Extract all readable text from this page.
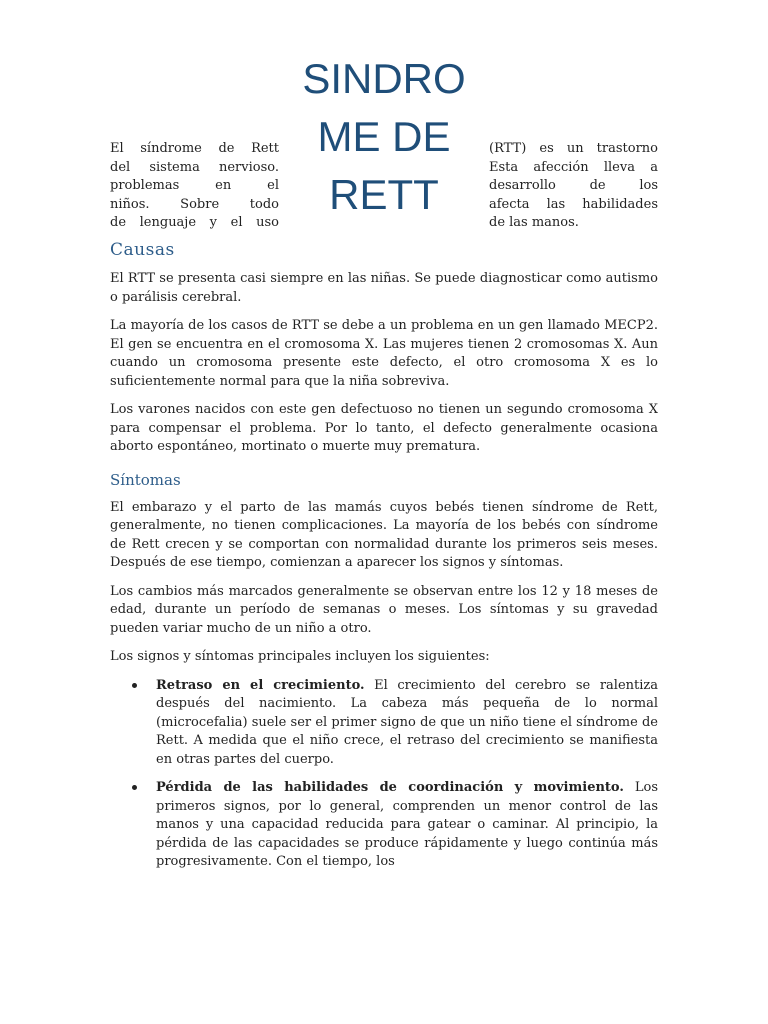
El síndrome de Rett
del sistema nervioso.
problemas en el
niños. Sobre todo
de lenguaje y el uso
SINDRO
ME DE
RETT
(RTT) es un trastorno
Esta afección lleva a
desarrollo de los
afecta las habilidades
de las manos.
Causas

El RTT se presenta casi siempre en las niñas. Se puede diagnosticar como autismo o parálisis cerebral.

La mayoría de los casos de RTT se debe a un problema en un gen llamado MECP2. El gen se encuentra en el cromosoma X. Las mujeres tienen 2 cromosomas X. Aun cuando un cromosoma presente este defecto, el otro cromosoma X es lo suficientemente normal para que la niña sobreviva.

Los varones nacidos con este gen defectuoso no tienen un segundo cromosoma X para compensar el problema. Por lo tanto, el defecto generalmente ocasiona aborto espontáneo, mortinato o muerte muy prematura.

Síntomas

El embarazo y el parto de las mamás cuyos bebés tienen síndrome de Rett, generalmente, no tienen complicaciones. La mayoría de los bebés con síndrome de Rett crecen y se comportan con normalidad durante los primeros seis meses. Después de ese tiempo, comienzan a aparecer los signos y síntomas.

Los cambios más marcados generalmente se observan entre los 12 y 18 meses de edad, durante un período de semanas o meses. Los síntomas y su gravedad pueden variar mucho de un niño a otro.

Los signos y síntomas principales incluyen los siguientes:

Retraso en el crecimiento. El crecimiento del cerebro se ralentiza después del nacimiento. La cabeza más pequeña de lo normal (microcefalia) suele ser el primer signo de que un niño tiene el síndrome de Rett. A medida que el niño crece, el retraso del crecimiento se manifiesta en otras partes del cuerpo.
Pérdida de las habilidades de coordinación y movimiento. Los primeros signos, por lo general, comprenden un menor control de las manos y una capacidad reducida para gatear o caminar. Al principio, la pérdida de las capacidades se produce rápidamente y luego continúa más progresivamente. Con el tiempo, los
